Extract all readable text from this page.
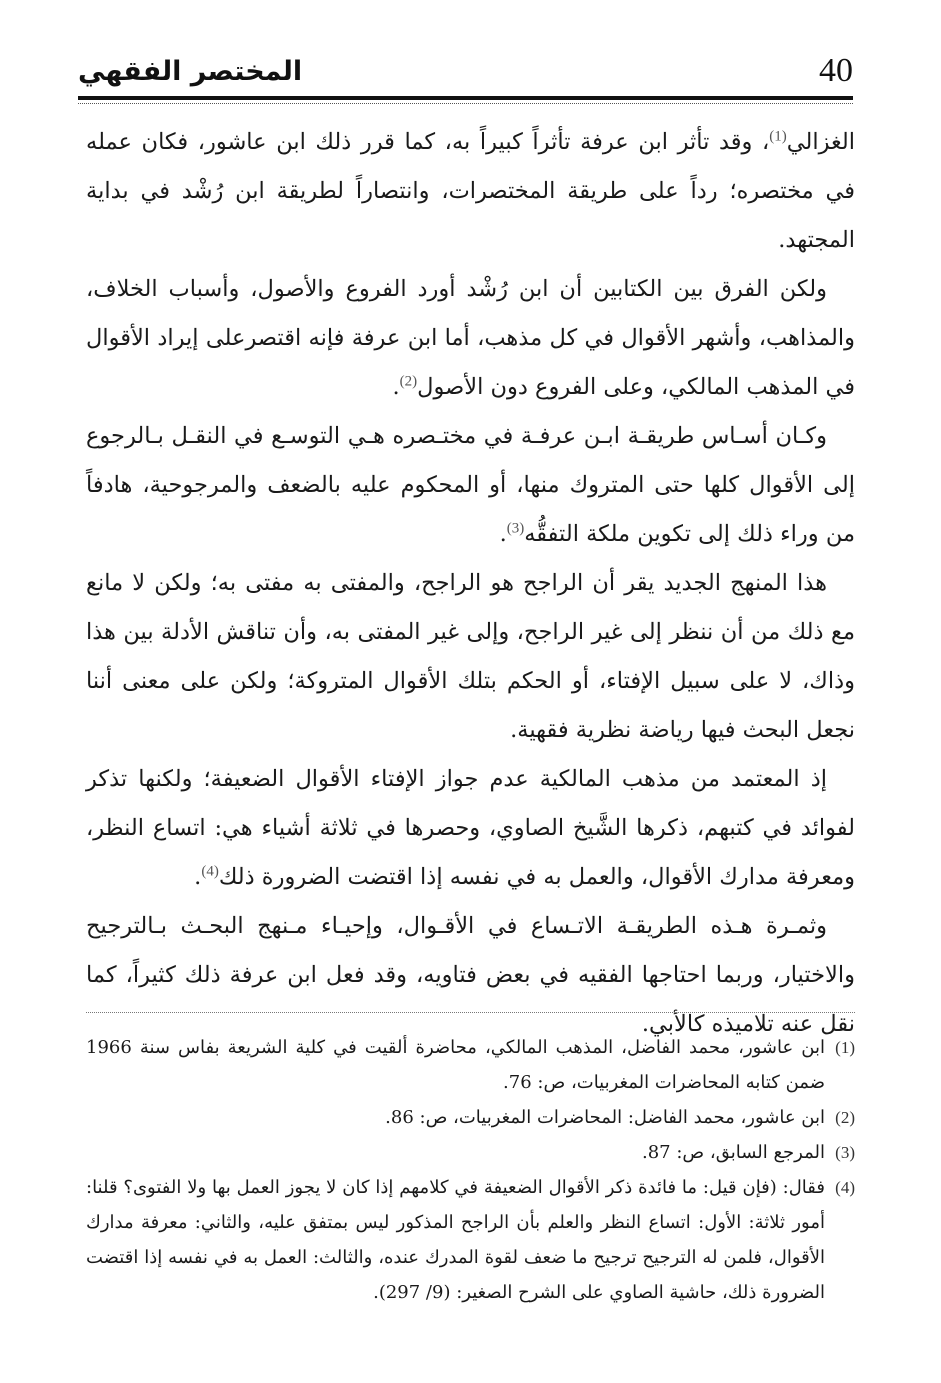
40
المختصر الفقهي

الغزالي$^{(1)}$، وقد تأثر ابن عرفة تأثراً كبيراً به، كما قرر ذلك ابن عاشور، فكان عمله في مختصره؛ رداً على طريقة المختصرات، وانتصاراً لطريقة ابن رُشْد في بداية المجتهد.

ولكن الفرق بين الكتابين أن ابن رُشْد أورد الفروع والأصول، وأسباب الخلاف، والمذاهب، وأشهر الأقوال في كل مذهب، أما ابن عرفة فإنه اقتصرعلى إيراد الأقوال في المذهب المالكي، وعلى الفروع دون الأصول$^{(2)}$.

وكـان أسـاس طريقـة ابـن عرفـة في مختـصره هـي التوسـع في النقـل بـالرجوع إلى الأقوال كلها حتى المتروك منها، أو المحكوم عليه بالضعف والمرجوحية، هادفاً من وراء ذلك إلى تكوين ملكة التفقُّه$^{(3)}$.

هذا المنهج الجديد يقر أن الراجح هو الراجح، والمفتى به مفتى به؛ ولكن لا مانع مع ذلك من أن ننظر إلى غير الراجح، وإلى غير المفتى به، وأن تناقش الأدلة بين هذا وذاك، لا على سبيل الإفتاء، أو الحكم بتلك الأقوال المتروكة؛ ولكن على معنى أننا نجعل البحث فيها رياضة نظرية فقهية.

إذ المعتمد من مذهب المالكية عدم جواز الإفتاء الأقوال الضعيفة؛ ولكنها تذكر لفوائد في كتبهم، ذكرها الشَّيخ الصاوي، وحصرها في ثلاثة أشياء هي: اتساع النظر، ومعرفة مدارك الأقوال، والعمل به في نفسه إذا اقتضت الضرورة ذلك$^{(4)}$.

وثمـرة هـذه الطريقـة الاتـساع في الأقـوال، وإحيـاء مـنهج البحـث بـالترجيح والاختيار، وربما احتاجها الفقيه في بعض فتاويه، وقد فعل ابن عرفة ذلك كثيراً، كما نقل عنه تلاميذه كالأبي.

(1)
ابن عاشور، محمد الفاضل، المذهب المالكي، محاضرة ألقيت في كلية الشريعة بفاس سنة 1966 ضمن كتابه المحاضرات المغربيات، ص: 76.

(2)
ابن عاشور، محمد الفاضل: المحاضرات المغربيات، ص: 86.

(3)
المرجع السابق، ص: 87.

(4)
فقال: (فإن قيل: ما فائدة ذكر الأقوال الضعيفة في كلامهم إذا كان لا يجوز العمل بها ولا الفتوى؟ قلنا: أمور ثلاثة: الأول: اتساع النظر والعلم بأن الراجح المذكور ليس بمتفق عليه، والثاني: معرفة مدارك الأقوال، فلمن له الترجيح ترجيح ما ضعف لقوة المدرك عنده، والثالث: العمل به في نفسه إذا اقتضت الضرورة ذلك، حاشية الصاوي على الشرح الصغير: (9/ 297).
